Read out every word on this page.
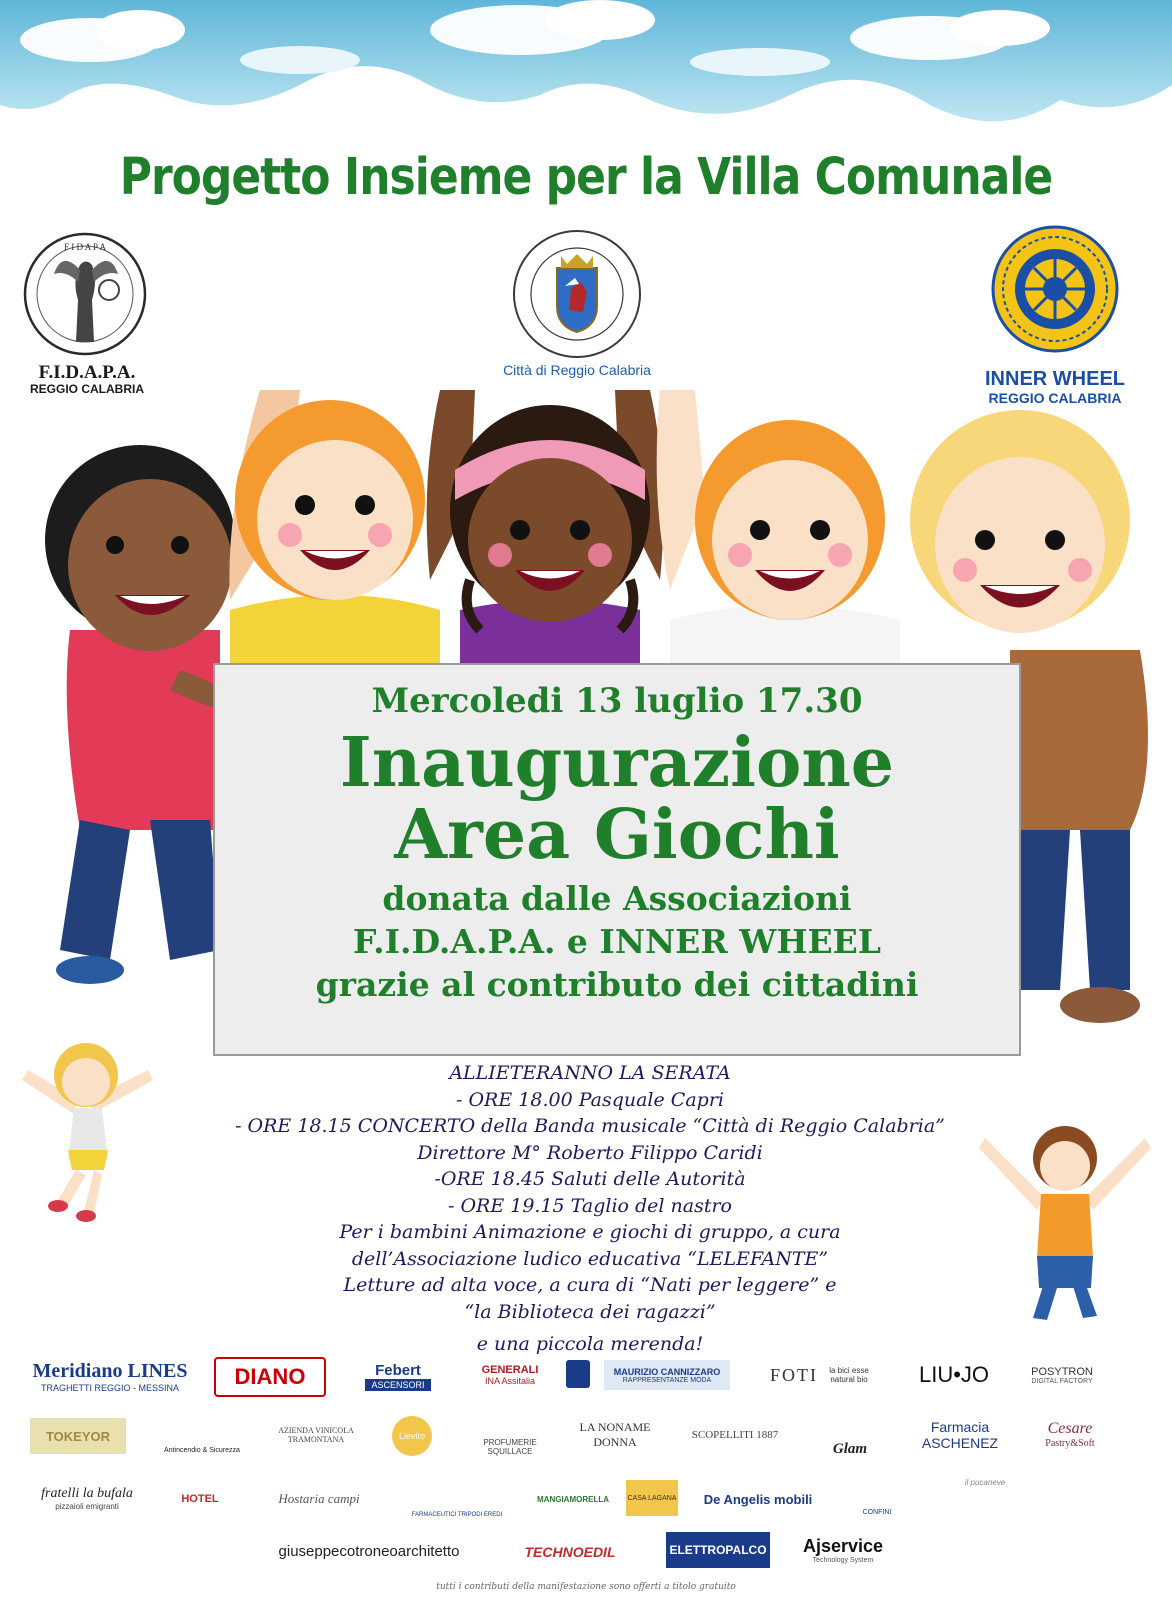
Progetto Insieme per la Villa Comunale
F I D A P A
F.I.D.A.P.A.
REGGIO CALABRIA
Città di Reggio Calabria	INNER WHEEL
REGGIO CALABRIA
Mercoledi 13 luglio 17.30
Inaugurazione
Area Giochi
donata dalle Associazioni
F.I.D.A.P.A. e INNER WHEEL
grazie al contributo dei cittadini
ALLIETERANNO LA SERATA
- ORE 18.00 Pasquale Capri
- ORE 18.15 CONCERTO della Banda musicale “Città di Reggio Calabria”
Direttore M° Roberto Filippo Caridi
-ORE 18.45 Saluti delle Autorità
- ORE 19.15 Taglio del nastro
Per i bambini Animazione e giochi di gruppo, a cura
dell’Associazione ludico educativa “LELEFANTE”
Letture ad alta voce, a cura di “Nati per leggere” e
“la Biblioteca dei ragazzi”
e una piccola merenda!
Meridiano LINES
TRAGHETTI REGGIO - MESSINA	DIANO	Febert
ASCENSORI
GENERALI
INA Assitalia
MAURIZIO CANNIZZARO
RAPPRESENTANZE MODA	FOTI	la bici esse natural bio	LIU•JO	POSYTRON
DIGITAL FACTORY
TOKEYOR
Antincendio & Sicurezza
AZIENDA VINICOLA TRAMONTANA	Lievito
PROFUMERIE SQUILLACE
LA NONAME DONNA	SCOPELLITI 1887
Glam
Farmacia ASCHENEZ
Cesare
Pastry&Soft
fratelli la bufala
pizzaioli emigranti
HOTEL	Hostaria campi
FARMACEUTICI TRIPODI EREDI
MANGIAMORELLA	CASA LAGANA	De Angelis mobili
CONFINI
il pucaneve
giuseppecotroneoarchitetto	TECHNOEDIL	ELETTROPALCO Ajservice
Technology System
tutti i contributi della manifestazione sono offerti a titolo gratuito
